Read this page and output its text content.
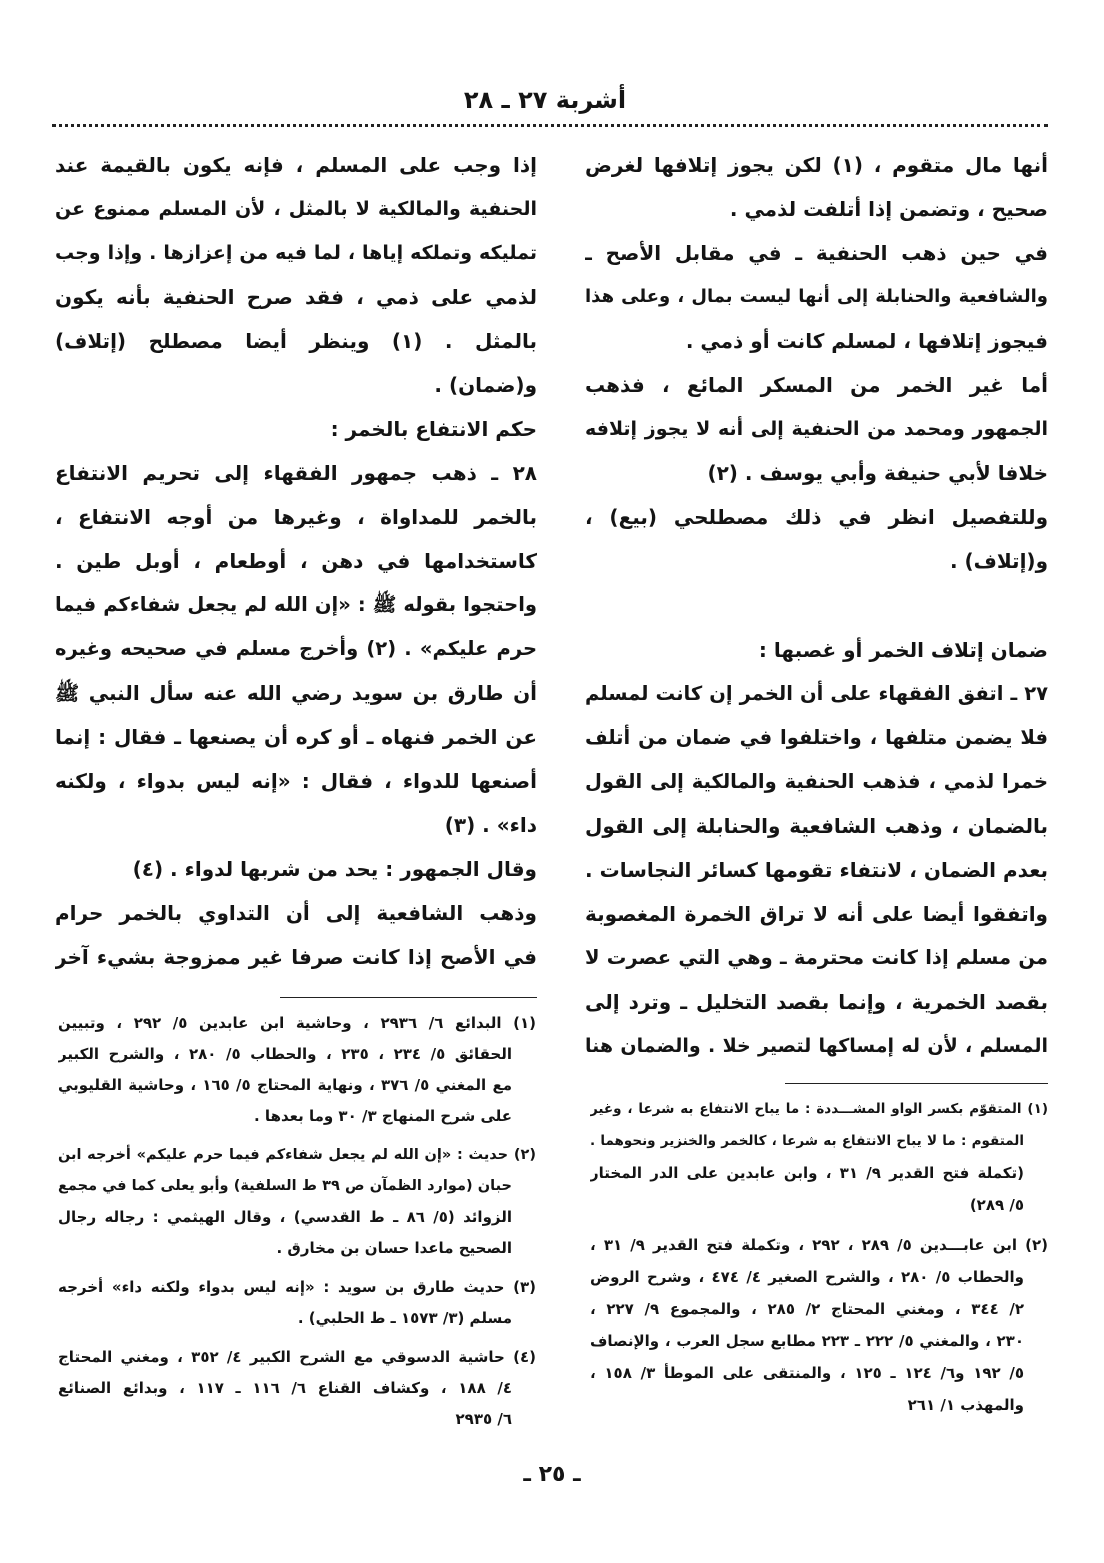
أشربة ٢٧ ـ ٢٨
أنها مال متقوم ، (١) لكن يجوز إتلافها لغرض
صحيح ، وتضمن إذا أتلفت لذمي .
في حين ذهب الحنفية ـ في مقابل الأصح ـ
والشافعية والحنابلة إلى أنها ليست بمال ، وعلى هذا
فيجوز إتلافها ، لمسلم كانت أو ذمي .
أما غير الخمر من المسكر المائع ، فذهب
الجمهور ومحمد من الحنفية إلى أنه لا يجوز إتلافه
خلافا لأبي حنيفة وأبي يوسف . (٢)
وللتفصيل انظر في ذلك مصطلحي (بيع) ،
و(إتلاف) .
ضمان إتلاف الخمر أو غصبها :
٢٧ ـ اتفق الفقهاء على أن الخمر إن كانت لمسلم
فلا يضمن متلفها ، واختلفوا في ضمان من أتلف
خمرا لذمي ، فذهب الحنفية والمالكية إلى القول
بالضمان ، وذهب الشافعية والحنابلة إلى القول
بعدم الضمان ، لانتفاء تقومها كسائر النجاسات .
واتفقوا أيضا على أنه لا تراق الخمرة المغصوبة
من مسلم إذا كانت محترمة ـ وهي التي عصرت لا
بقصد الخمرية ، وإنما بقصد التخليل ـ وترد إلى
المسلم ، لأن له إمساكها لتصير خلا . والضمان هنا
إذا وجب على المسلم ، فإنه يكون بالقيمة عند
الحنفية والمالكية لا بالمثل ، لأن المسلم ممنوع عن
تمليكه وتملكه إياها ، لما فيه من إعزازها . وإذا وجب
لذمي على ذمي ، فقد صرح الحنفية بأنه يكون
بالمثل . (١) وينظر أيضا مصطلح (إتلاف)
و(ضمان) .
حكم الانتفاع بالخمر :
٢٨ ـ ذهب جمهور الفقهاء إلى تحريم الانتفاع
بالخمر للمداواة ، وغيرها من أوجه الانتفاع ،
كاستخدامها في دهن ، أوطعام ، أوبل طين .
واحتجوا بقوله ﷺ : «إن الله لم يجعل شفاءكم فيما
حرم عليكم» . (٢) وأخرج مسلم في صحيحه وغيره
أن طارق بن سويد رضي الله عنه سأل النبي ﷺ
عن الخمر فنهاه ـ أو كره أن يصنعها ـ فقال : إنما
أصنعها للدواء ، فقال : «إنه ليس بدواء ، ولكنه
داء» . (٣)
وقال الجمهور : يحد من شربها لدواء . (٤)
وذهب الشافعية إلى أن التداوي بالخمر حرام
في الأصح إذا كانت صرفا غير ممزوجة بشيء آخر
(١) المتقوّم بكسر الواو المشـــددة : ما يباح الانتفاع به شرعا ، وغير
المتقوم : ما لا يباح الانتفاع به شرعا ، كالخمر والخنزير ونحوهما .
(تكملة فتح القدير ٩/ ٣١ ، وابن عابدين على الدر المختار
٥/ ٢٨٩)
(٢) ابن عابـــدين ٥/ ٢٨٩ ، ٢٩٢ ، وتكملة فتح القدير ٩/ ٣١ ،
والحطاب ٥/ ٢٨٠ ، والشرح الصغير ٤/ ٤٧٤ ، وشرح الروض
٢/ ٣٤٤ ، ومغني المحتاج ٢/ ٢٨٥ ، والمجموع ٩/ ٢٢٧ ،
٢٣٠ ، والمغني ٥/ ٢٢٢ ـ ٢٢٣ مطابع سجل العرب ، والإنصاف
٥/ ١٩٢ و٦/ ١٢٤ ـ ١٢٥ ، والمنتقى على الموطأ ٣/ ١٥٨ ،
والمهذب ١/ ٢٦١
(١) البدائع ٦/ ٢٩٣٦ ، وحاشية ابن عابدين ٥/ ٢٩٢ ، وتبيين
الحقائق ٥/ ٢٣٤ ، ٢٣٥ ، والحطاب ٥/ ٢٨٠ ، والشرح الكبير
مع المغني ٥/ ٣٧٦ ، ونهاية المحتاج ٥/ ١٦٥ ، وحاشية القليوبي
على شرح المنهاج ٣/ ٣٠ وما بعدها .
(٢) حديث : «إن الله لم يجعل شفاءكم فيما حرم عليكم» أخرجه ابن
حبان (موارد الظمآن ص ٣٩ ط السلفية) وأبو يعلى كما في مجمع
الزوائد (٥/ ٨٦ ـ ط القدسي) ، وقال الهيثمي : رجاله رجال
الصحيح ماعدا حسان بن مخارق .
(٣) حديث طارق بن سويد : «إنه ليس بدواء ولكنه داء» أخرجه
مسلم (٣/ ١٥٧٣ ـ ط الحلبي) .
(٤) حاشية الدسوقي مع الشرح الكبير ٤/ ٣٥٢ ، ومغني المحتاج
٤/ ١٨٨ ، وكشاف القناع ٦/ ١١٦ ـ ١١٧ ، وبدائع الصنائع
٦/ ٢٩٣٥
ـ ٢٥ ـ
